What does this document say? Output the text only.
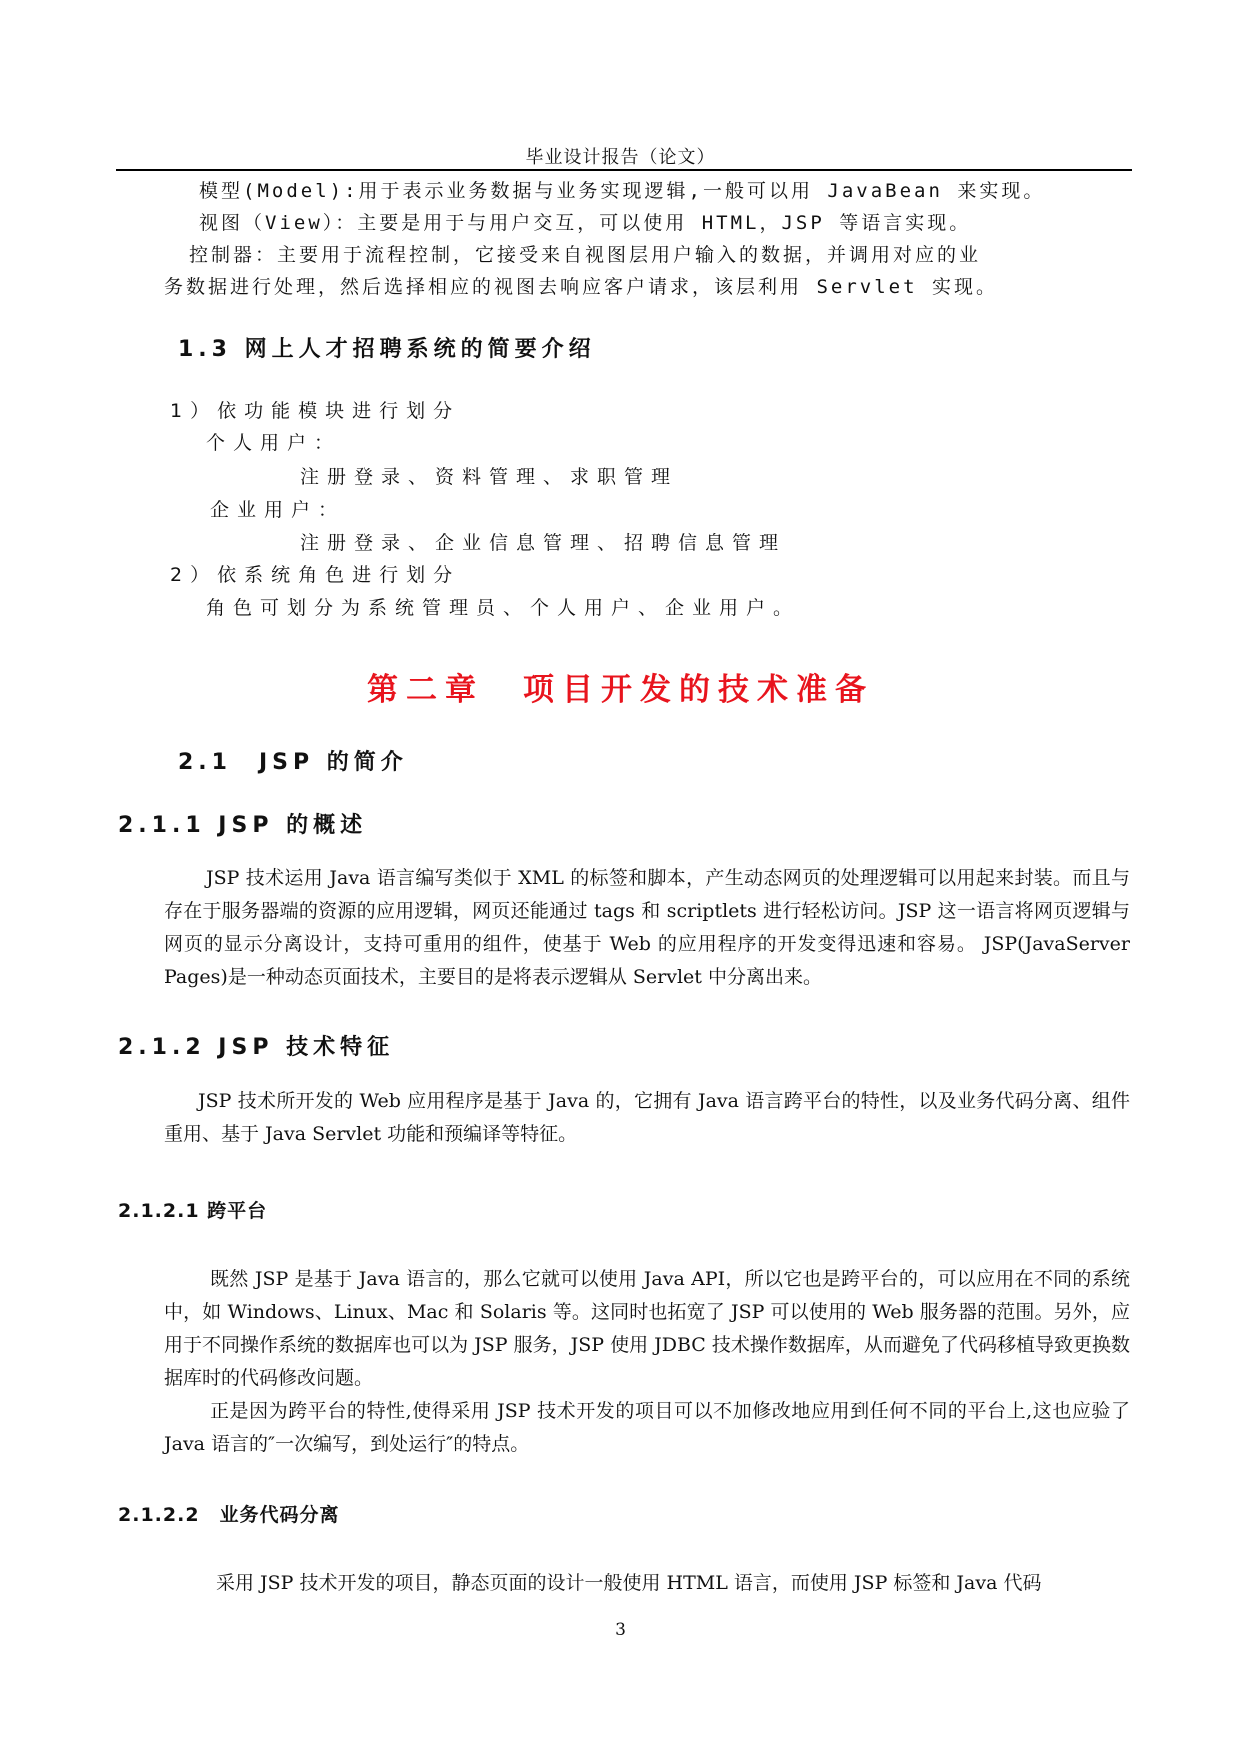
毕业设计报告（论文）
模型(Model):用于表示业务数据与业务实现逻辑,一般可以用 JavaBean 来实现。
视图（View）：主要是用于与用户交互，可以使用 HTML，JSP 等语言实现。
控制器：主要用于流程控制，它接受来自视图层用户输入的数据，并调用对应的业
务数据进行处理，然后选择相应的视图去响应客户请求，该层利用 Servlet 实现。
1.3 网上人才招聘系统的简要介绍
1）依功能模块进行划分
个人用户：
注册登录、资料管理、求职管理
企业用户：
注册登录、企业信息管理、招聘信息管理
2）依系统角色进行划分
角色可划分为系统管理员、个人用户、企业用户。
第二章　项目开发的技术准备
2.1　JSP 的简介
2.1.1 JSP 的概述
JSP 技术运用 Java 语言编写类似于 XML 的标签和脚本，产生动态网页的处理逻辑可以用起来封装。而且与存在于服务器端的资源的应用逻辑，网页还能通过 tags 和 scriptlets 进行轻松访问。JSP 这一语言将网页逻辑与网页的显示分离设计，支持可重用的组件，使基于 Web 的应用程序的开发变得迅速和容易。 JSP(JavaServer Pages)是一种动态页面技术，主要目的是将表示逻辑从 Servlet 中分离出来。
2.1.2 JSP 技术特征
JSP 技术所开发的 Web 应用程序是基于 Java 的，它拥有 Java 语言跨平台的特性，以及业务代码分离、组件重用、基于 Java Servlet 功能和预编译等特征。
2.1.2.1 跨平台
既然 JSP 是基于 Java 语言的，那么它就可以使用 Java API，所以它也是跨平台的，可以应用在不同的系统中，如 Windows、Linux、Mac 和 Solaris 等。这同时也拓宽了 JSP 可以使用的 Web 服务器的范围。另外，应用于不同操作系统的数据库也可以为 JSP 服务，JSP 使用 JDBC 技术操作数据库，从而避免了代码移植导致更换数据库时的代码修改问题。
正是因为跨平台的特性,使得采用 JSP 技术开发的项目可以不加修改地应用到任何不同的平台上,这也应验了 Java 语言的″一次编写，到处运行″的特点。
2.1.2.2　业务代码分离
采用 JSP 技术开发的项目，静态页面的设计一般使用 HTML 语言，而使用 JSP 标签和 Java 代码
3
